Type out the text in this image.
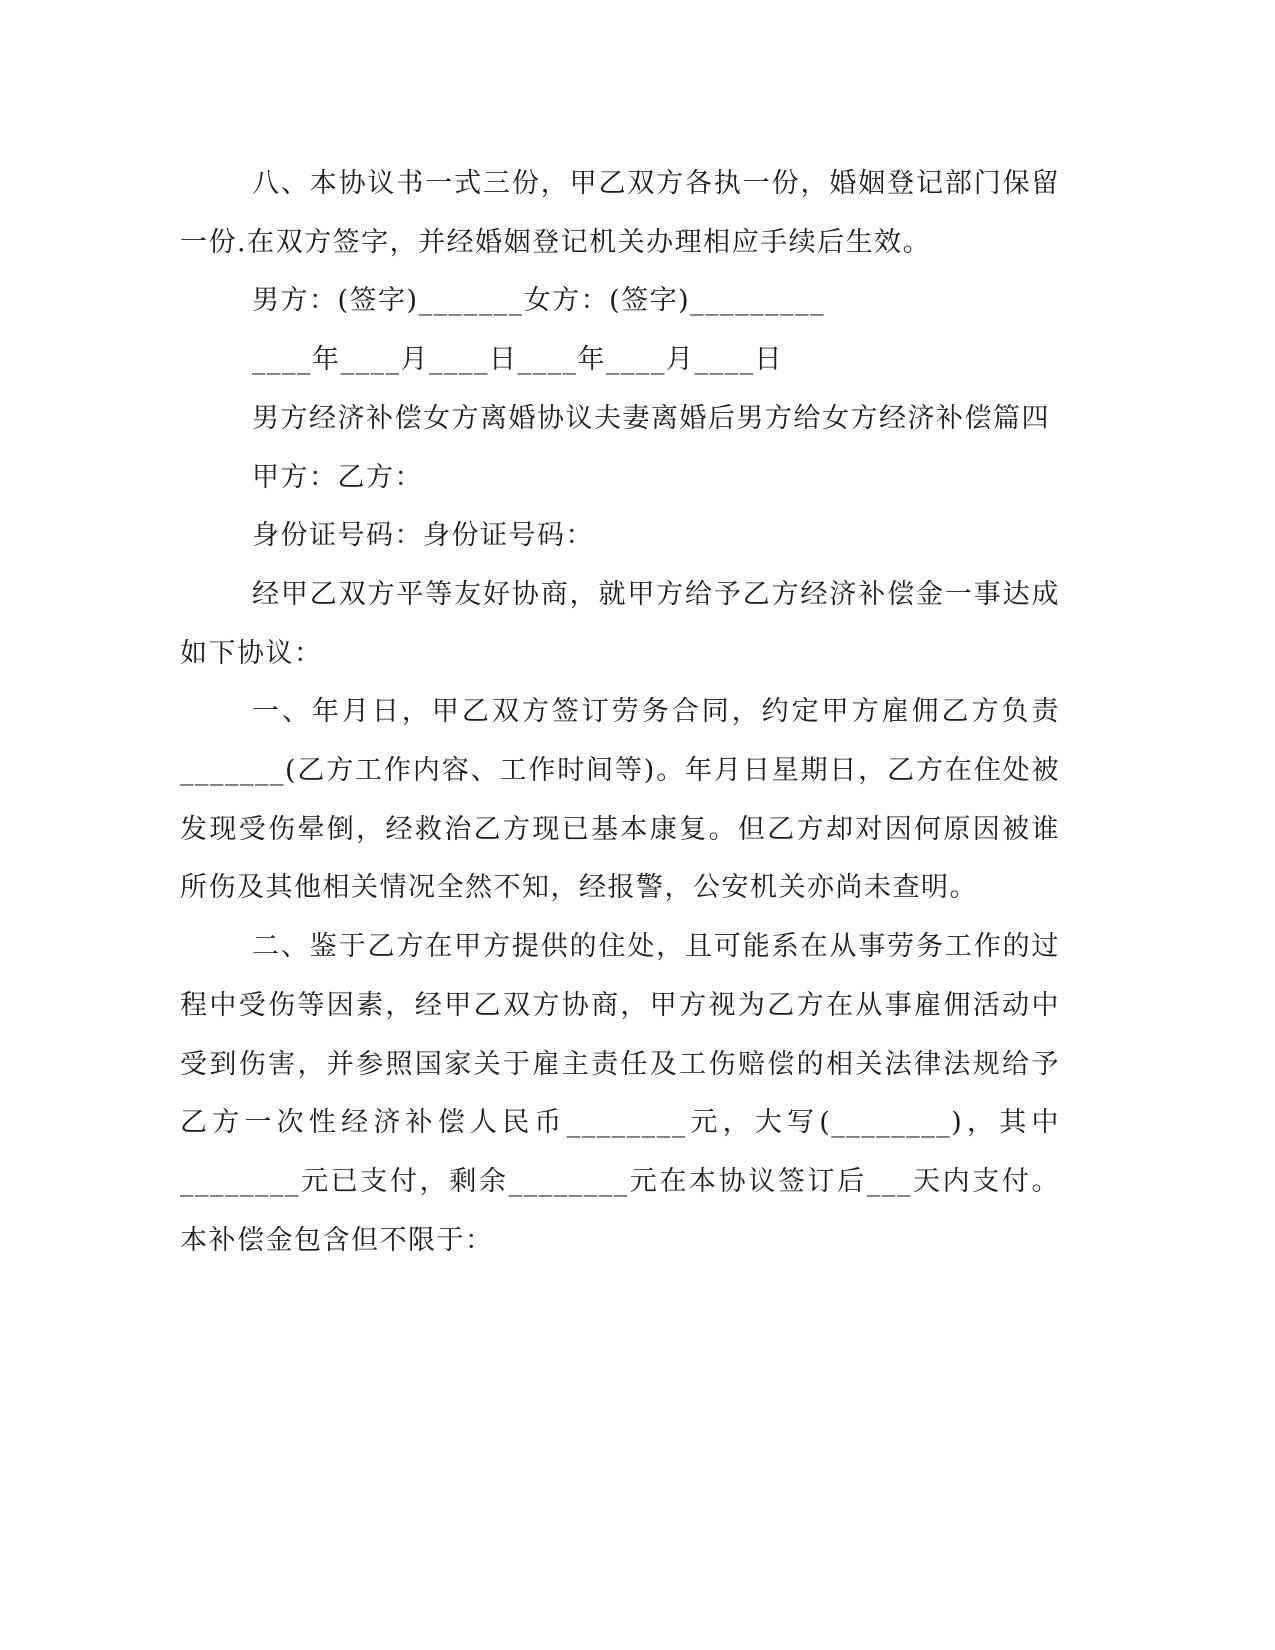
八、本协议书一式三份，甲乙双方各执一份，婚姻登记部门保留一份.在双方签字，并经婚姻登记机关办理相应手续后生效。

男方：(签字)_______女方：(签字)_________

____年____月____日____年____月____日

男方经济补偿女方离婚协议夫妻离婚后男方给女方经济补偿篇四

甲方：乙方：

身份证号码：身份证号码：

经甲乙双方平等友好协商，就甲方给予乙方经济补偿金一事达成如下协议：

一、年月日，甲乙双方签订劳务合同，约定甲方雇佣乙方负责_______(乙方工作内容、工作时间等)。年月日星期日，乙方在住处被发现受伤晕倒，经救治乙方现已基本康复。但乙方却对因何原因被谁所伤及其他相关情况全然不知，经报警，公安机关亦尚未查明。

二、鉴于乙方在甲方提供的住处，且可能系在从事劳务工作的过程中受伤等因素，经甲乙双方协商，甲方视为乙方在从事雇佣活动中受到伤害，并参照国家关于雇主责任及工伤赔偿的相关法律法规给予乙方一次性经济补偿人民币________元，大写(________)，其中________元已支付，剩余________元在本协议签订后___天内支付。本补偿金包含但不限于：
